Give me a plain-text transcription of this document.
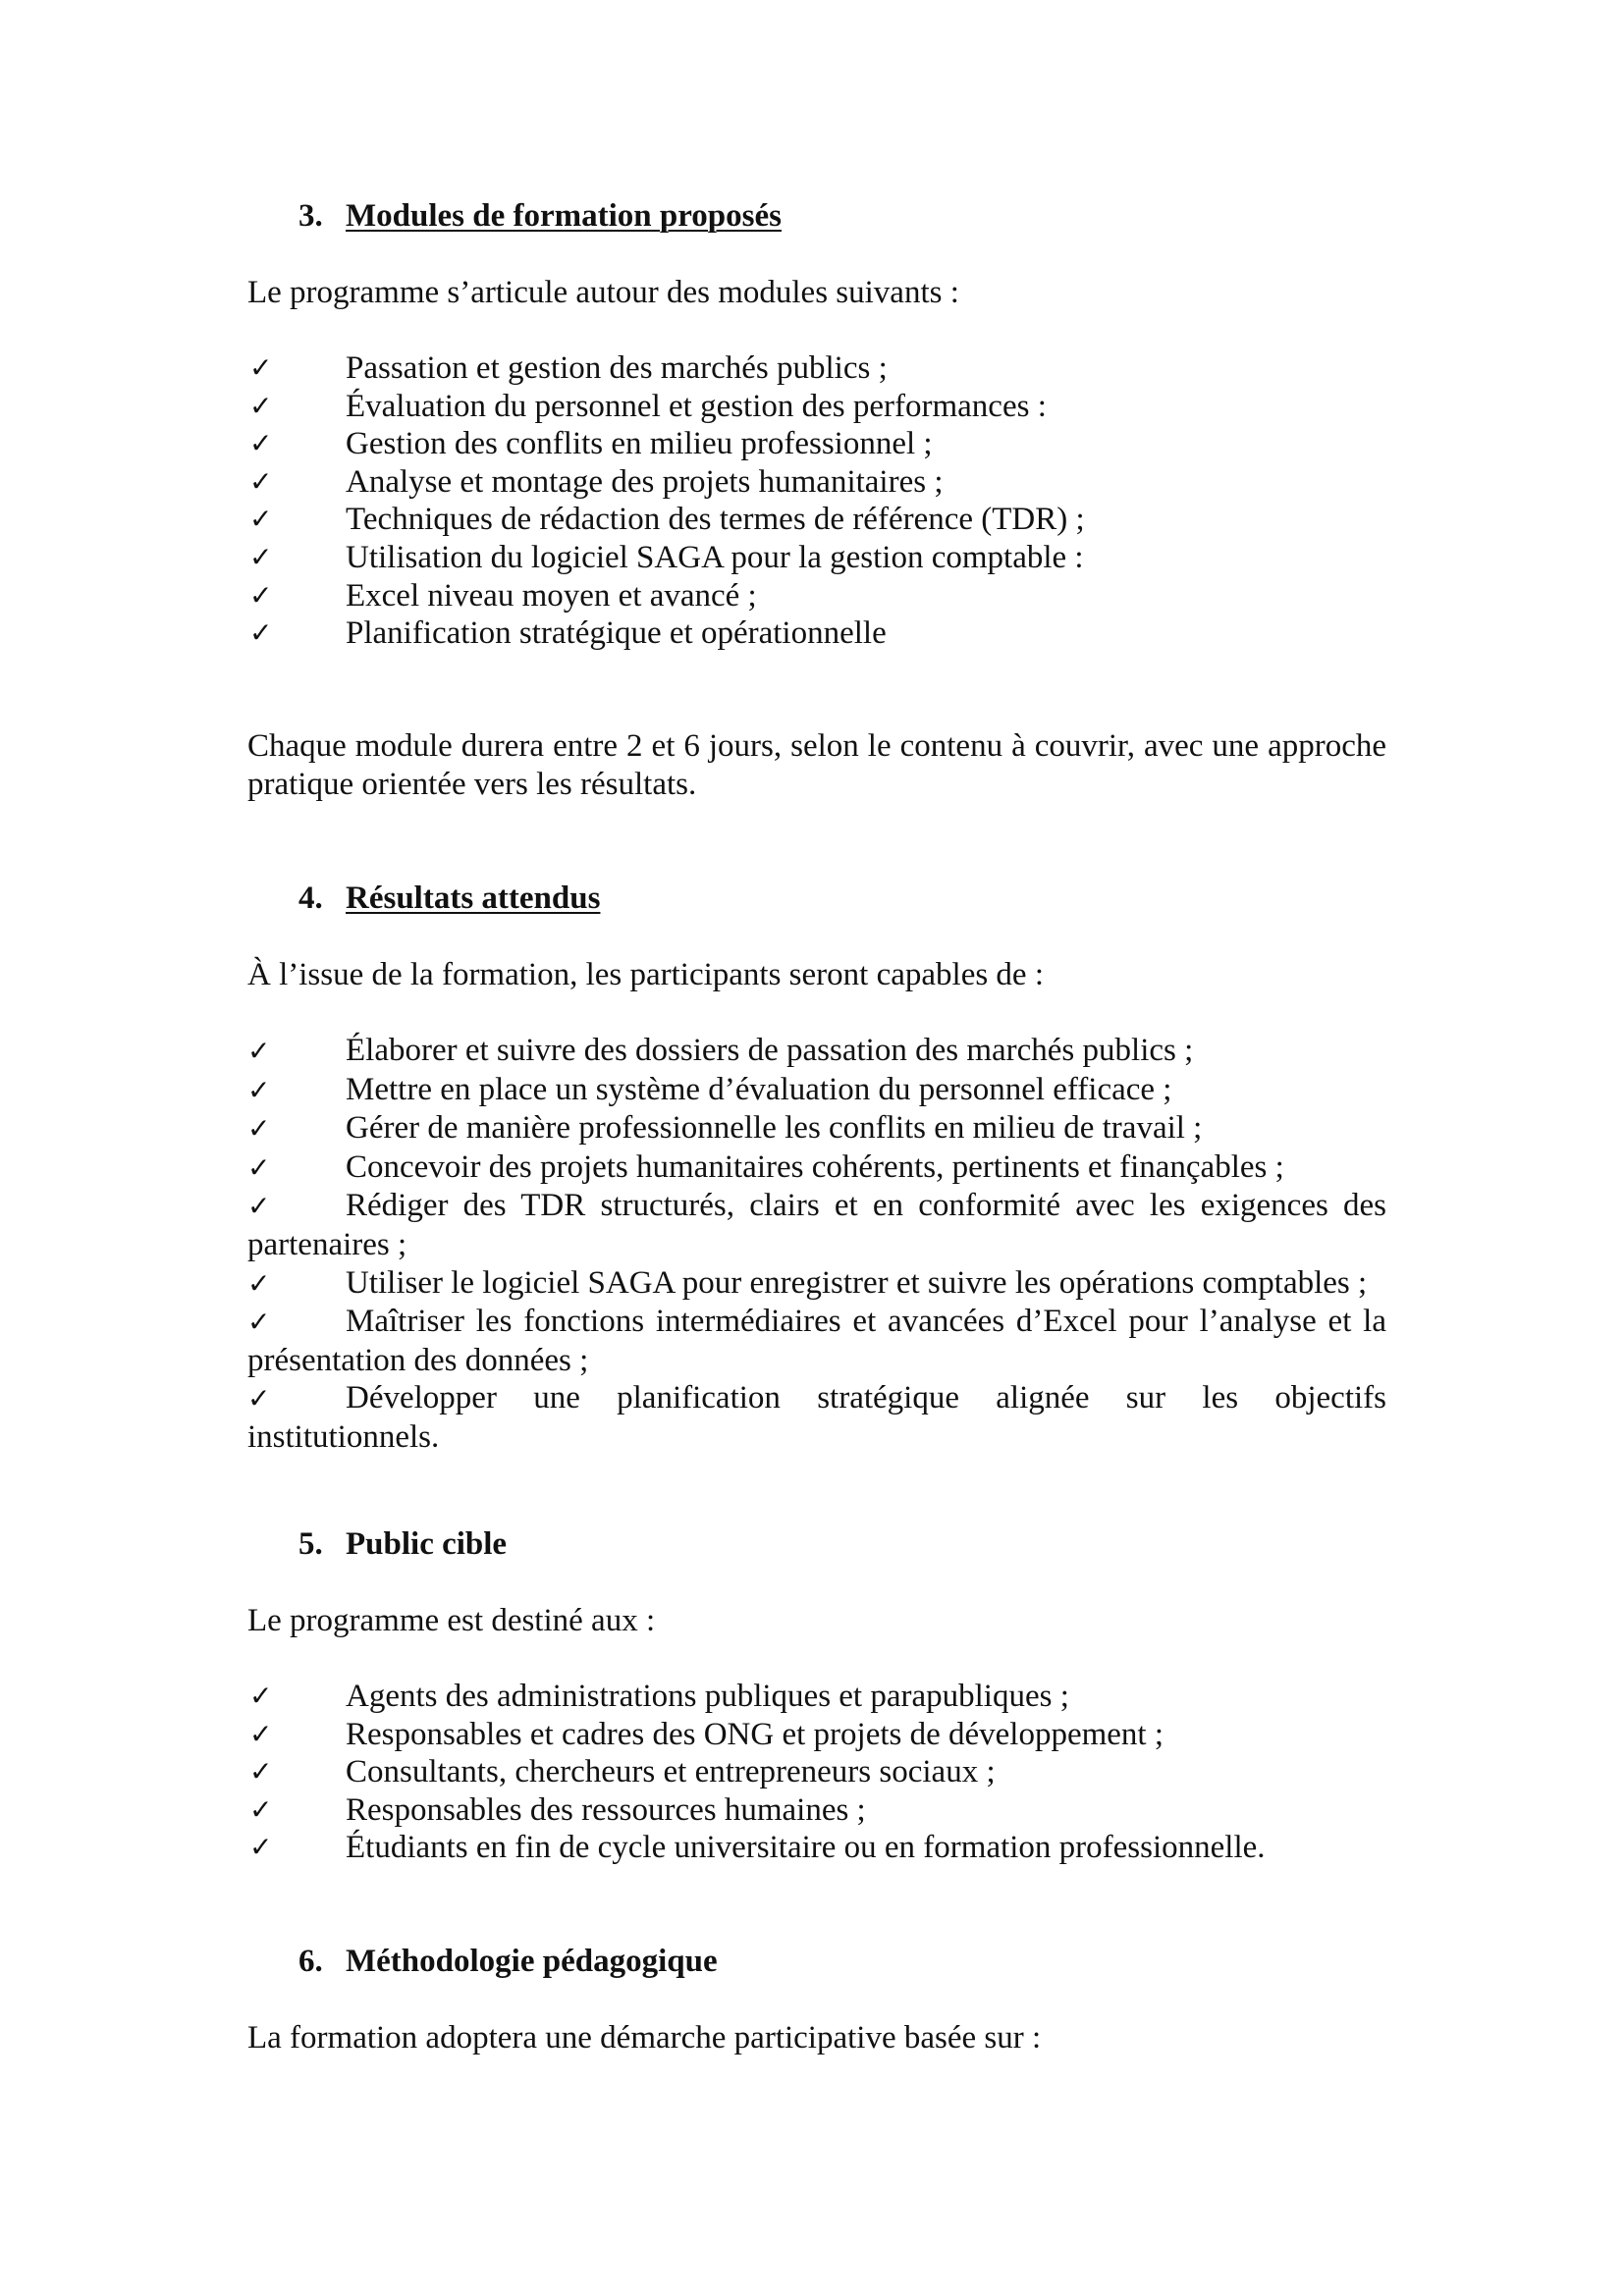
3. Modules de formation proposés
Le programme s’articule autour des modules suivants :
✓ Passation et gestion des marchés publics ;
✓ Évaluation du personnel et gestion des performances :
✓ Gestion des conflits en milieu professionnel ;
✓ Analyse et montage des projets humanitaires ;
✓ Techniques de rédaction des termes de référence (TDR) ;
✓ Utilisation du logiciel SAGA pour la gestion comptable :
✓ Excel niveau moyen et avancé ;
✓ Planification stratégique et opérationnelle
Chaque module durera entre 2 et 6 jours, selon le contenu à couvrir, avec une approche pratique orientée vers les résultats.
4. Résultats attendus
À l’issue de la formation, les participants seront capables de :
✓ Élaborer et suivre des dossiers de passation des marchés publics ;
✓ Mettre en place un système d’évaluation du personnel efficace ;
✓ Gérer de manière professionnelle les conflits en milieu de travail ;
✓ Concevoir des projets humanitaires cohérents, pertinents et finançables ;
✓ Rédiger des TDR structurés, clairs et en conformité avec les exigences des partenaires ;
✓ Utiliser le logiciel SAGA pour enregistrer et suivre les opérations comptables ;
✓ Maîtriser les fonctions intermédiaires et avancées d’Excel pour l’analyse et la présentation des données ;
✓ Développer une planification stratégique alignée sur les objectifs institutionnels.
5. Public cible
Le programme est destiné aux :
✓ Agents des administrations publiques et parapubliques ;
✓ Responsables et cadres des ONG et projets de développement ;
✓ Consultants, chercheurs et entrepreneurs sociaux ;
✓ Responsables des ressources humaines ;
✓ Étudiants en fin de cycle universitaire ou en formation professionnelle.
6. Méthodologie pédagogique
La formation adoptera une démarche participative basée sur :
